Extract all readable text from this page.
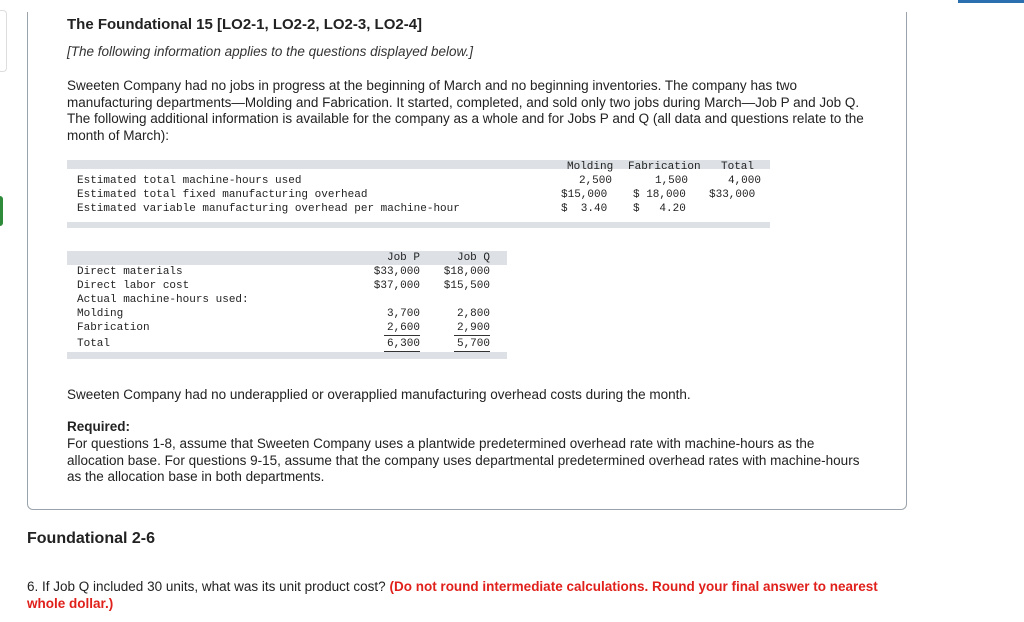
The Foundational 15 [LO2-1, LO2-2, LO2-3, LO2-4]
[The following information applies to the questions displayed below.]
Sweeten Company had no jobs in progress at the beginning of March and no beginning inventories. The company has two manufacturing departments—Molding and Fabrication. It started, completed, and sold only two jobs during March—Job P and Job Q. The following additional information is available for the company as a whole and for Jobs P and Q (all data and questions relate to the month of March):
Molding Fabrication Total
Estimated total machine-hours used	2,500	1,500	4,000
Estimated total fixed manufacturing overhead	$15,000 $ 18,000 $33,000
Estimated variable manufacturing overhead per machine-hour	$  3.40 $   4.20
Job P	Job Q
Direct materials	$33,000	$18,000
Direct labor cost	$37,000	$15,500
Actual machine-hours used:
Molding	3,700	2,800
Fabrication	2,600	2,900
Total	6,300	5,700
Sweeten Company had no underapplied or overapplied manufacturing overhead costs during the month.
Required:
For questions 1-8, assume that Sweeten Company uses a plantwide predetermined overhead rate with machine-hours as the allocation base. For questions 9-15, assume that the company uses departmental predetermined overhead rates with machine-hours as the allocation base in both departments.
Foundational 2-6
6. If Job Q included 30 units, what was its unit product cost? (Do not round intermediate calculations. Round your final answer to nearest whole dollar.)
